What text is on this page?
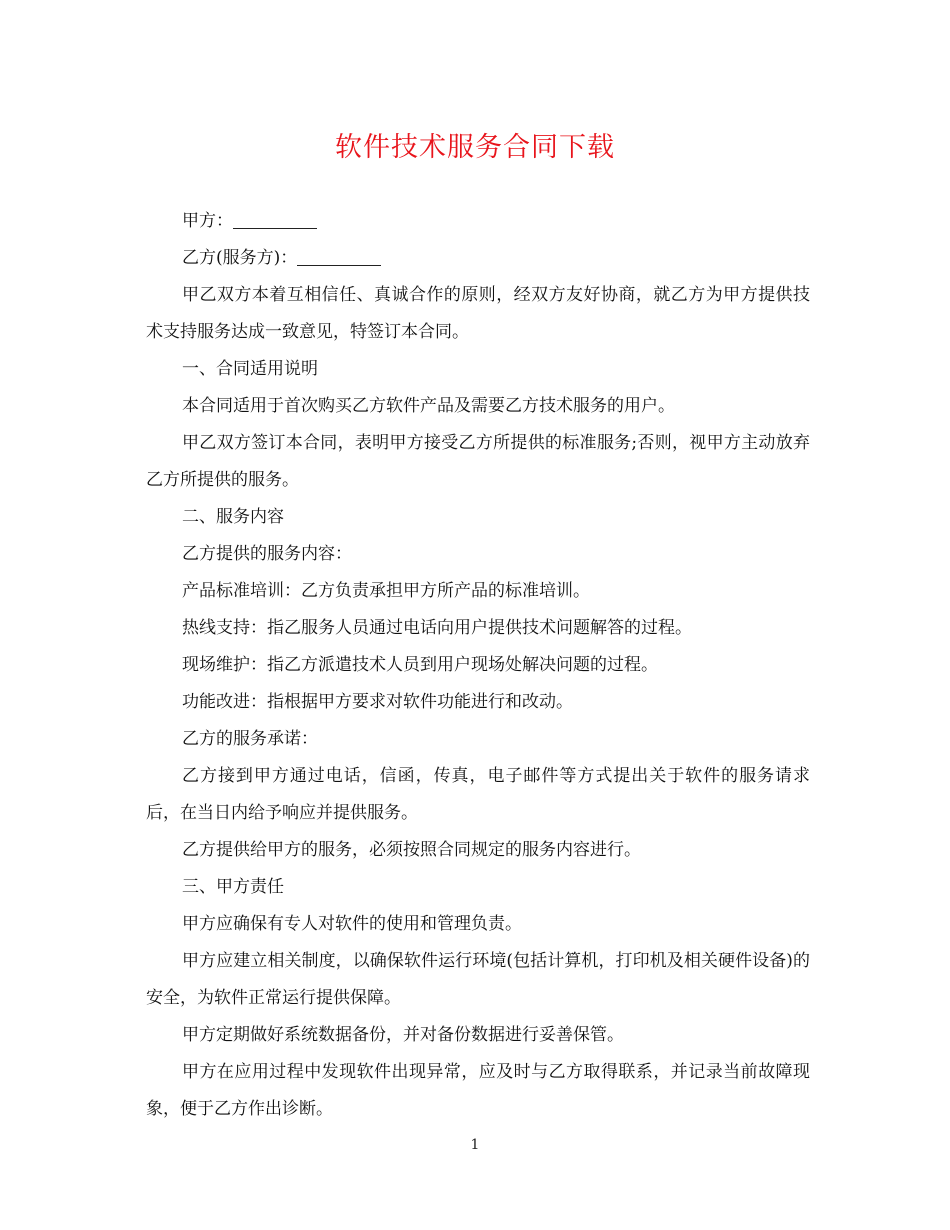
软件技术服务合同下载

甲方：

乙方(服务方)：

甲乙双方本着互相信任、真诚合作的原则，经双方友好协商，就乙方为甲方提供技术支持服务达成一致意见，特签订本合同。

一、合同适用说明

本合同适用于首次购买乙方软件产品及需要乙方技术服务的用户。

甲乙双方签订本合同，表明甲方接受乙方所提供的标准服务;否则，视甲方主动放弃乙方所提供的服务。

二、服务内容

乙方提供的服务内容：

产品标准培训：乙方负责承担甲方所产品的标准培训。

热线支持：指乙服务人员通过电话向用户提供技术问题解答的过程。

现场维护：指乙方派遣技术人员到用户现场处解决问题的过程。

功能改进：指根据甲方要求对软件功能进行和改动。

乙方的服务承诺：

乙方接到甲方通过电话，信函，传真，电子邮件等方式提出关于软件的服务请求后，在当日内给予响应并提供服务。

乙方提供给甲方的服务，必须按照合同规定的服务内容进行。

三、甲方责任

甲方应确保有专人对软件的使用和管理负责。

甲方应建立相关制度，以确保软件运行环境(包括计算机，打印机及相关硬件设备)的安全，为软件正常运行提供保障。

甲方定期做好系统数据备份，并对备份数据进行妥善保管。

甲方在应用过程中发现软件出现异常，应及时与乙方取得联系，并记录当前故障现象，便于乙方作出诊断。

1
